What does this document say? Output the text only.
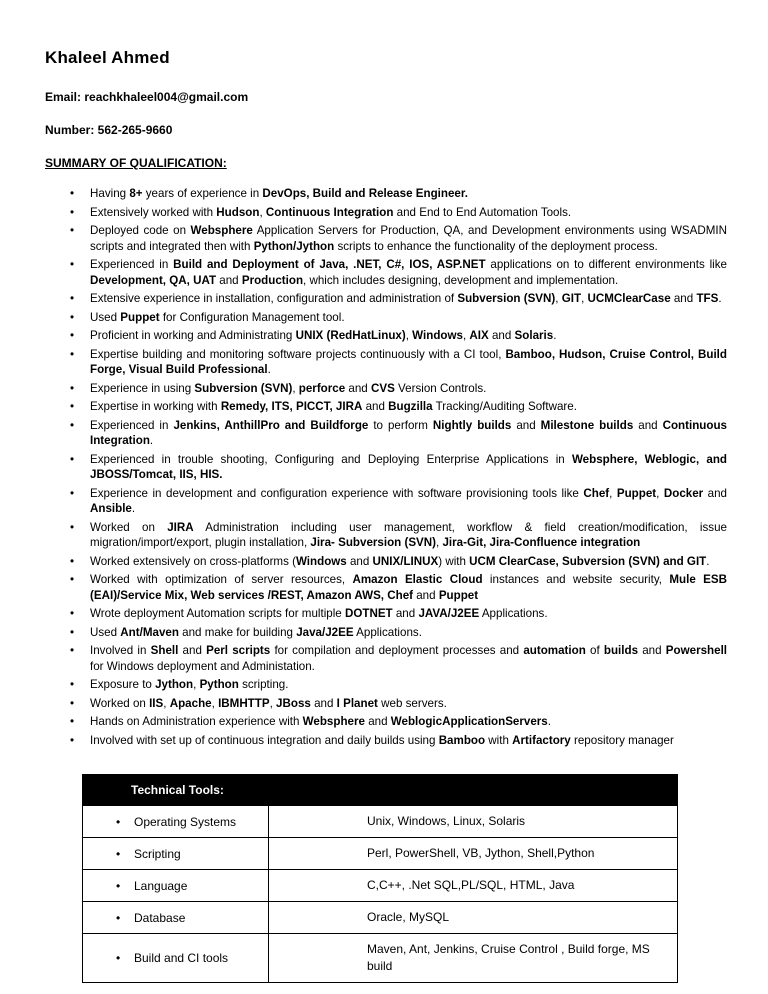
Khaleel Ahmed

Email: reachkhaleel004@gmail.com

Number: 562-265-9660

SUMMARY OF QUALIFICATION:

• Having 8+ years of experience in DevOps, Build and Release Engineer.
• Extensively worked with Hudson, Continuous Integration and End to End Automation Tools.
• Deployed code on Websphere Application Servers for Production, QA, and Development environments using WSADMIN scripts and integrated then with Python/Jython scripts to enhance the functionality of the deployment process.
• Experienced in Build and Deployment of Java, .NET, C#, IOS, ASP.NET applications on to different environments like Development, QA, UAT and Production, which includes designing, development and implementation.
• Extensive experience in installation, configuration and administration of Subversion (SVN), GIT, UCMClearCase and TFS.
• Used Puppet for Configuration Management tool.
• Proficient in working and Administrating UNIX (RedHatLinux), Windows, AIX and Solaris.
• Expertise building and monitoring software projects continuously with a CI tool, Bamboo, Hudson, Cruise Control, Build Forge, Visual Build Professional.
• Experience in using Subversion (SVN), perforce and CVS Version Controls.
• Expertise in working with Remedy, ITS, PICCT, JIRA and Bugzilla Tracking/Auditing Software.
• Experienced in Jenkins, AnthillPro and Buildforge to perform Nightly builds and Milestone builds and Continuous Integration.
• Experienced in trouble shooting, Configuring and Deploying Enterprise Applications in Websphere, Weblogic, and JBOSS/Tomcat, IIS, HIS.
• Experience in development and configuration experience with software provisioning tools like Chef, Puppet, Docker and Ansible.
• Worked on JIRA Administration including user management, workflow & field creation/modification, issue migration/import/export, plugin installation, Jira- Subversion (SVN), Jira-Git, Jira-Confluence integration
• Worked extensively on cross-platforms (Windows and UNIX/LINUX) with UCM ClearCase, Subversion (SVN) and GIT.
• Worked with optimization of server resources, Amazon Elastic Cloud instances and website security, Mule ESB (EAI)/Service Mix, Web services /REST, Amazon AWS, Chef and Puppet
• Wrote deployment Automation scripts for multiple DOTNET and JAVA/J2EE Applications.
• Used Ant/Maven and make for building Java/J2EE Applications.
• Involved in Shell and Perl scripts for compilation and deployment processes and automation of builds and Powershell for Windows deployment and Administation.
• Exposure to Jython, Python scripting.
• Worked on IIS, Apache, IBMHTTP, JBoss and I Planet web servers.
• Hands on Administration experience with Websphere and WeblogicApplicationServers.
• Involved with set up of continuous integration and daily builds using Bamboo with Artifactory repository manager
Technical Tools:	
• Operating Systems	Unix, Windows, Linux, Solaris
• Scripting	Perl, PowerShell, VB, Jython, Shell,Python
• Language	C,C++, .Net SQL,PL/SQL, HTML, Java
• Database	Oracle, MySQL
• Build and CI tools	Maven, Ant, Jenkins, Cruise Control , Build forge, MS build
